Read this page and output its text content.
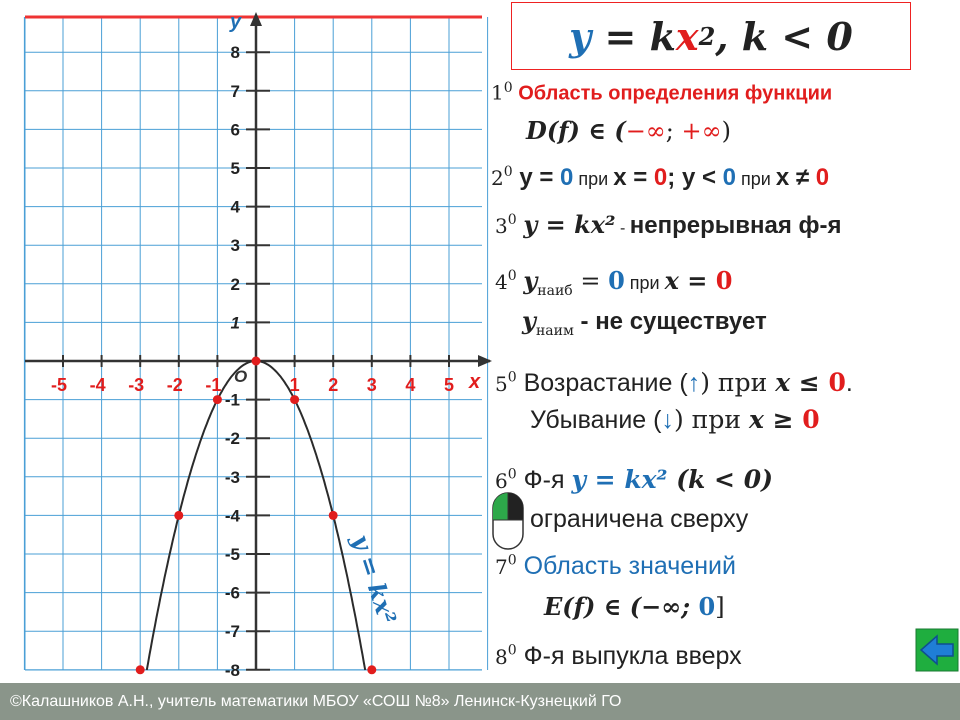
-5 -4 -3 -2 -1	1 2 3 4 5
8
7
6
5
4
3
2
1
-1
-2
-3
-4
-5
-6
-7
-8
x
y
O
y = kx²
y = k x 2 , k < 0
$1^0$ Область определения функции
D(f) ∈ (−∞; +∞)
$2^0$ y = 0 при x = 0; y < 0 при x ≠ 0
$3^0$ y = kx² - непрерывная ф-я
$4^0$ $y_{наиб} = 0$ при x = 0
$y_{наим}$ - не существует
$5^0$ Возрастание (↑) при x ≤ 0.
Убывание (↓) при x ≥ 0
$6^0$ Ф-я y = kx² (k < 0)
ограничена сверху
$7^0$ Область значений
E(f) ∈ (−∞; 0]
$8^0$ Ф-я выпукла вверх
©Калашников А.Н., учитель математики МБОУ «СОШ №8» Ленинск-Кузнецкий ГО
